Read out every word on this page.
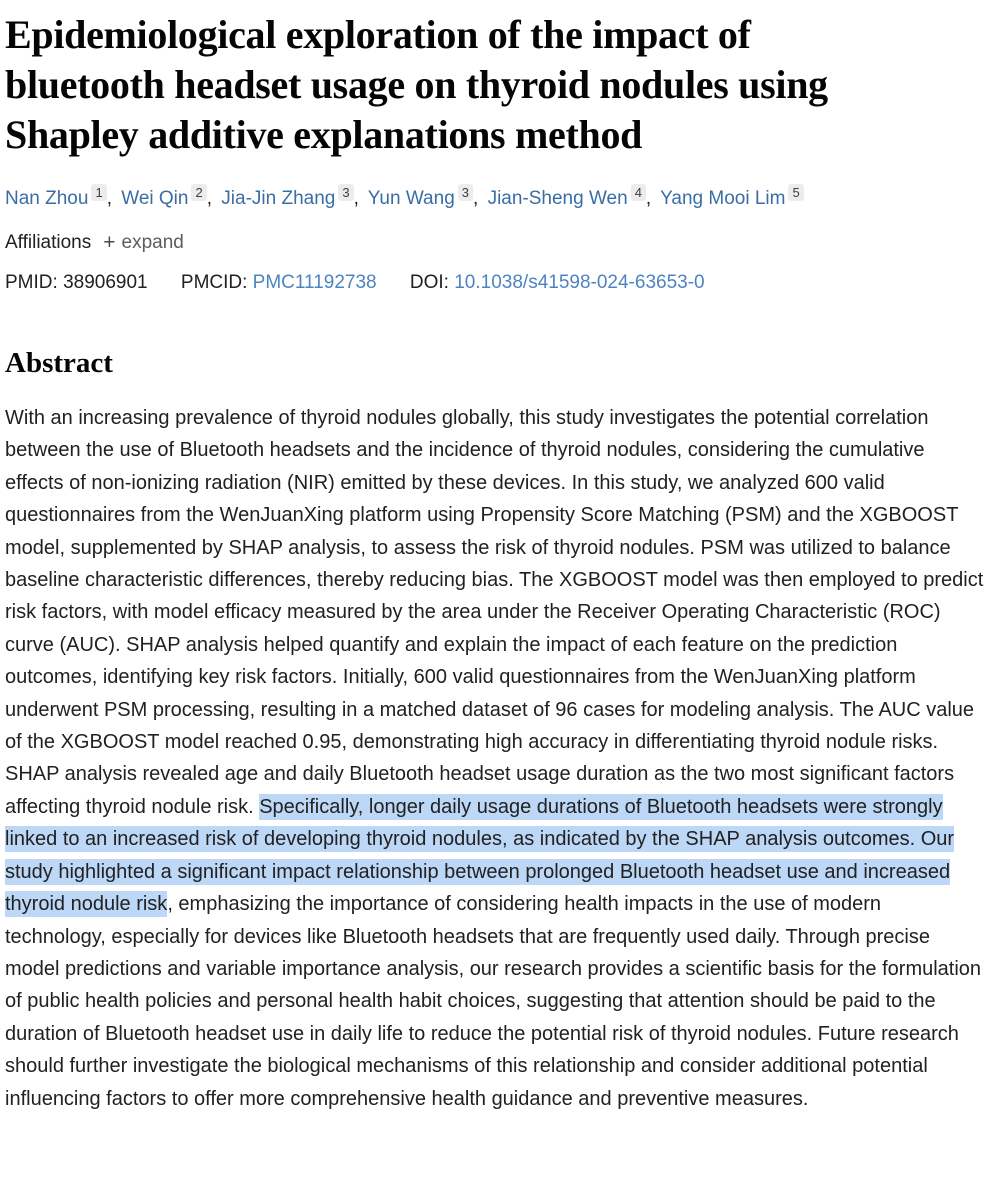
Epidemiological exploration of the impact of
bluetooth headset usage on thyroid nodules using
Shapley additive explanations method
Nan Zhou 1 , Wei Qin 2 , Jia-Jin Zhang 3 , Yun Wang 3 , Jian-Sheng Wen 4 , Yang Mooi Lim 5
Affiliations + expand
PMID: 38906901 PMCID: PMC11192738 DOI: 10.1038/s41598-024-63653-0
Abstract

With an increasing prevalence of thyroid nodules globally, this study investigates the potential correlation between the use of Bluetooth headsets and the incidence of thyroid nodules, considering the cumulative effects of non-ionizing radiation (NIR) emitted by these devices. In this study, we analyzed 600 valid questionnaires from the WenJuanXing platform using Propensity Score Matching (PSM) and the XGBOOST model, supplemented by SHAP analysis, to assess the risk of thyroid nodules. PSM was utilized to balance baseline characteristic differences, thereby reducing bias. The XGBOOST model was then employed to predict risk factors, with model efficacy measured by the area under the Receiver Operating Characteristic (ROC) curve (AUC). SHAP analysis helped quantify and explain the impact of each feature on the prediction outcomes, identifying key risk factors. Initially, 600 valid questionnaires from the WenJuanXing platform underwent PSM processing, resulting in a matched dataset of 96 cases for modeling analysis. The AUC value of the XGBOOST model reached 0.95, demonstrating high accuracy in differentiating thyroid nodule risks. SHAP analysis revealed age and daily Bluetooth headset usage duration as the two most significant factors affecting thyroid nodule risk. Specifically, longer daily usage durations of Bluetooth headsets were strongly linked to an increased risk of developing thyroid nodules, as indicated by the SHAP analysis outcomes. Our study highlighted a significant impact relationship between prolonged Bluetooth headset use and increased thyroid nodule risk, emphasizing the importance of considering health impacts in the use of modern technology, especially for devices like Bluetooth headsets that are frequently used daily. Through precise model predictions and variable importance analysis, our research provides a scientific basis for the formulation of public health policies and personal health habit choices, suggesting that attention should be paid to the duration of Bluetooth headset use in daily life to reduce the potential risk of thyroid nodules. Future research should further investigate the biological mechanisms of this relationship and consider additional potential influencing factors to offer more comprehensive health guidance and preventive measures.
